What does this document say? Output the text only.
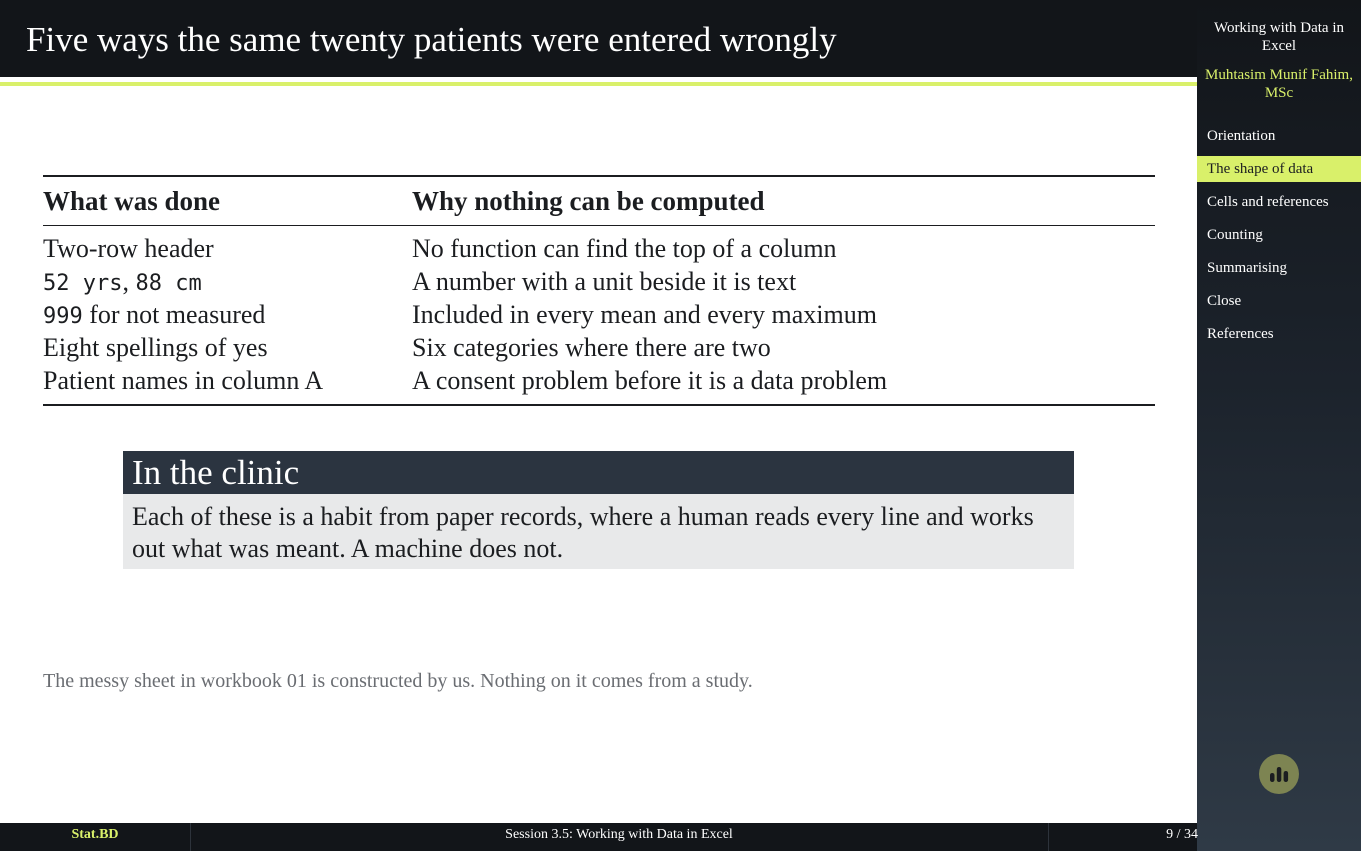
Five ways the same twenty patients were entered wrongly
What was done	Why nothing can be computed
Two-row header	No function can find the top of a column
52 yrs, 88 cm	A number with a unit beside it is text
999 for not measured	Included in every mean and every maximum
Eight spellings of yes	Six categories where there are two
Patient names in column A	A consent problem before it is a data problem
In the clinic
Each of these is a habit from paper records, where a human reads every line and works out what was meant. A machine does not.
The messy sheet in workbook 01 is constructed by us. Nothing on it comes from a study.
Working with Data in Excel
Muhtasim Munif Fahim, MSc
Orientation
The shape of data
Cells and references
Counting
Summarising
Close
References
Stat.BD	Session 3.5: Working with Data in Excel	9 / 34
